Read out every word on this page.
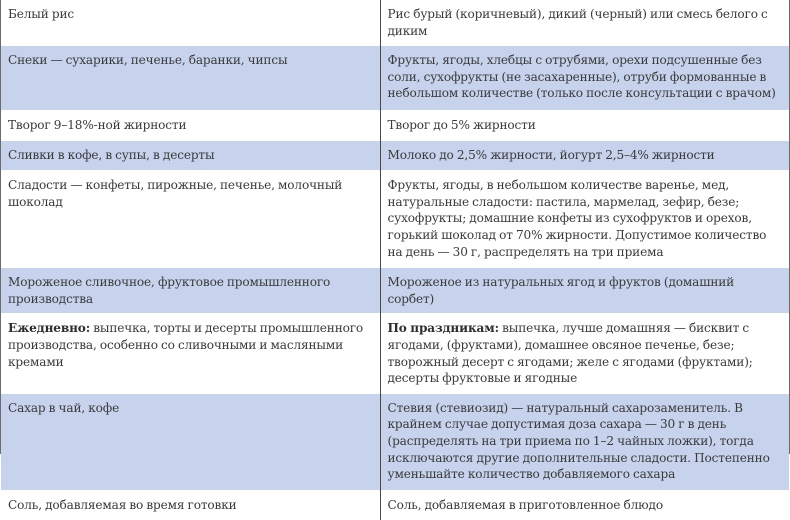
Белый рис	Рис бурый (коричневый), дикий (черный) или смесь белого с диким
Снеки — сухарики, печенье, баранки, чипсы	Фрукты, ягоды, хлебцы с отрубями, орехи подсушенные без соли, сухофрукты (не засахаренные), отруби формованные в небольшом количестве (только после консультации с врачом)
Творог 9–18%-ной жирности	Творог до 5% жирности
Сливки в кофе, в супы, в десерты	Молоко до 2,5% жирности, йогурт 2,5–4% жирности
Сладости — конфеты, пирожные, печенье, молочный шоколад	Фрукты, ягоды, в небольшом количестве варенье, мед, натуральные сладости: пастила, мармелад, зефир, безе; сухофрукты; домашние конфеты из сухофруктов и орехов, горький шоколад от 70% жирности. Допустимое количество на день — 30 г, распределять на три приема
Мороженое сливочное, фруктовое промышленного производства	Мороженое из натуральных ягод и фруктов (домашний сорбет)
Ежедневно: выпечка, торты и десерты промышленного производства, особенно со сливочными и масляными кремами	По праздникам: выпечка, лучше домашняя — бисквит с ягодами, (фруктами), домашнее овсяное печенье, безе; творожный десерт с ягодами; желе с ягодами (фруктами); десерты фруктовые и ягодные
Сахар в чай, кофе	Стевия (стевиозид) — натуральный сахарозаменитель. В крайнем случае допустимая доза сахара — 30 г в день (распределять на три приема по 1–2 чайных ложки), тогда исключаются другие дополнительные сладости. Постепенно уменьшайте количество добавляемого сахара
Соль, добавляемая во время готовки	Соль, добавляемая в приготовленное блюдо
